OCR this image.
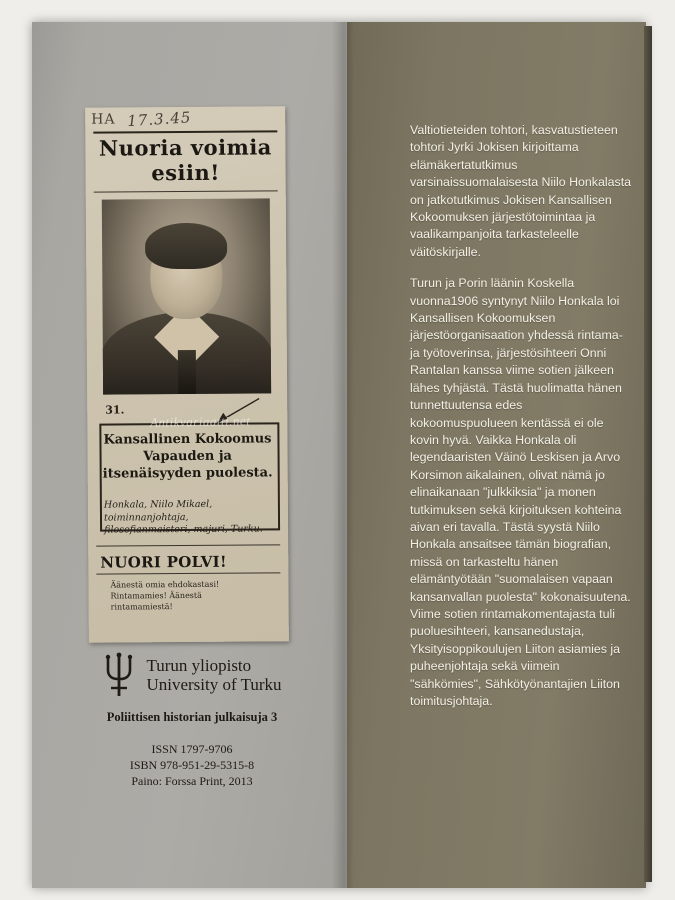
HA 17.3.45
Nuoria voimia esiin!
31.
Kansallinen Kokoomus Vapauden ja itsenäisyyden puolesta.
Honkala, Niilo Mikael, toiminnanjohtaja, filosofianmaisteri, majuri, Turku.
NUORI POLVI!
Äänestä omia ehdokastasi! Rintamamies! Äänestä rintamamiestä!
Antikvariaatti.net
Turun yliopisto
University of Turku
Poliittisen historian julkaisuja 3
ISSN 1797-9706
ISBN 978-951-29-5315-8
Paino: Forssa Print, 2013

Valtiotieteiden tohtori, kasvatustieteen tohtori Jyrki Jokisen kirjoittama elämäkertatutkimus varsinaissuomalaisesta Niilo Honkalasta on jatkotutkimus Jokisen Kansallisen Kokoomuksen järjestötoimintaa ja vaalikampanjoita tarkasteleelle väitöskirjalle.

Turun ja Porin läänin Koskella vuonna1906 syntynyt Niilo Honkala loi Kansallisen Kokoomuksen järjestöorganisaation yhdessä rintama- ja työtoverinsa, järjestösihteeri Onni Rantalan kanssa viime sotien jälkeen lähes tyhjästä. Tästä huolimatta hänen tunnettuutensa edes kokoomuspuolueen kentässä ei ole kovin hyvä. Vaikka Honkala oli legendaaristen Väinö Leskisen ja Arvo Korsimon aikalainen, olivat nämä jo elinaikanaan "julkkiksia" ja monen tutkimuksen sekä kirjoituksen kohteina aivan eri tavalla. Tästä syystä Niilo Honkala ansaitsee tämän biografian, missä on tarkasteltu hänen elämäntyötään "suomalaisen vapaan kansanvallan puolesta" kokonaisuutena. Viime sotien rintamakomentajasta tuli puoluesihteeri, kansanedustaja, Yksityisoppikoulujen Liiton asiamies ja puheenjohtaja sekä viimein "sähkömies", Sähkötyönantajien Liiton toimitusjohtaja.
